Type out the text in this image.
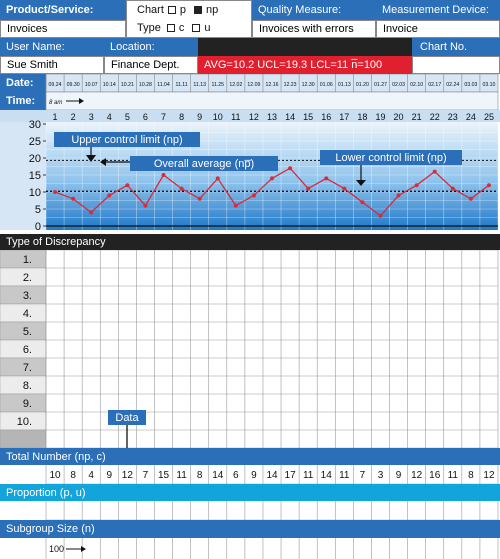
Product/Service:
Invoices
Chart p np
Type c u
Quality Measure:
Invoices with errors
Measurement Device:
Invoice
User Name:	Location:	Chart No.
Sue Smith	Finance Dept.	AVG=10.2 UCL=19.3 LCL=11 n̅=100
Date:
Time:
09.24 09.30 10.07 10.14 10.21 10.28 11.04 11.11 11.13 11.25 12.02 12.09 12.16 12.23 12.30 01.06 01.13 01.20 01.27 02.03 02.10 02.17 02.24 03.03 03.10
8 am
1 2 3 4 5 6 7 8 9 10 11 12 13 14 15 16 17 18 19 20 21 22 23 24 25
0
5
10
15
20
25
30
Upper control limit (np)
Overall average (np̅)	Lower control limit (np)
Type of Discrepancy
1.
2.
3.
4.
5.
6.
7.
8.
9.
10.
10 8 4 9 12 7 15 11 8 14 6 9 14 17 11 14 11 7 3 9 12 16 11 8 12
100
Total Number (np, c)
Proportion (p, u)
Subgroup Size (n)
Data
